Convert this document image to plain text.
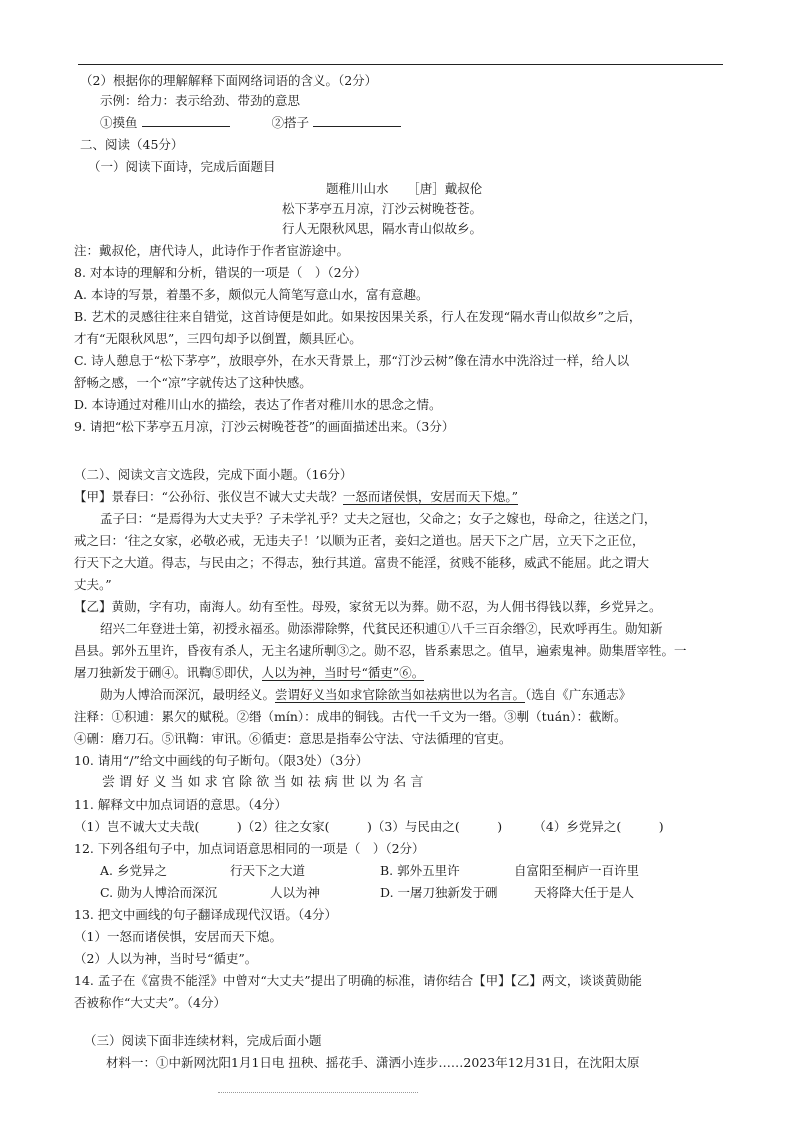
（2）根据你的理解解释下面网络词语的含义。（2分）
示例：给力：表示给劲、带劲的意思
①摸鱼	②搭子
二、阅读（45分）
（一）阅读下面诗，完成后面题目
题稚川山水　　［唐］戴叔伦
松下茅亭五月凉，汀沙云树晚苍苍。
行人无限秋风思，隔水青山似故乡。
注：戴叔伦，唐代诗人，此诗作于作者宦游途中。
8. 对本诗的理解和分析，错误的一项是（　）（2分）
A. 本诗的写景，着墨不多，颇似元人简笔写意山水，富有意趣。
B. 艺术的灵感往往来自错觉，这首诗便是如此。如果按因果关系，行人在发现“隔水青山似故乡”之后，
才有“无限秋风思”，三四句却予以倒置，颇具匠心。
C. 诗人憩息于“松下茅亭”，放眼亭外，在水天背景上，那“汀沙云树”像在清水中洗浴过一样，给人以
舒畅之感，一个“凉”字就传达了这种快感。
D. 本诗通过对稚川山水的描绘，表达了作者对稚川水的思念之情。
9. 请把“松下茅亭五月凉，汀沙云树晚苍苍”的画面描述出来。（3分）
（二）、阅读文言文选段，完成下面小题。（16分）
【甲】景春曰：“公孙衍、张仪岂不诚大丈夫哉？一怒而诸侯惧，安居而天下熄。”
孟子曰：“是焉得为大丈夫乎？子未学礼乎？丈夫之冠也，父命之；女子之嫁也，母命之，往送之门，
戒之曰：‘往之女家，必敬必戒，无违夫子！’以顺为正者，妾妇之道也。居天下之广居，立天下之正位，
行天下之大道。得志，与民由之；不得志，独行其道。富贵不能淫，贫贱不能移，威武不能屈。此之谓大
丈夫。”
【乙】黄勋，字有功，南海人。幼有至性。母殁，家贫无以为葬。勋不忍，为人佣书得钱以葬，乡党异之。
绍兴二年登进士第，初授永福丞。勋添滞除弊，代貧民还积逋①八千三百余缗②，民欢呼再生。勋知新
昌县。郭外五里许，昏夜有杀人，无主名逮所剸③之。勋不忍，皆系素思之。值早，遍索鬼神。勋集厝宰牲。一
屠刀独新发于硎④。讯鞫⑤即伏，人以为神，当时号“循吏”⑥。
勋为人博洽而深沉，最明经义。尝谓好义当如求官除欲当如祛病世以为名言。（选自《广东通志》
注释：①积逋：累欠的赋税。②缗（mín）：成串的铜钱。古代一千文为一缗。③剸（tuán）：截断。
④硎：磨刀石。⑤讯鞫：审讯。⑥循吏：意思是指奉公守法、守法循理的官吏。
10. 请用“/”给文中画线的句子断句。（限3处）（3分）
尝 谓 好 义 当 如 求 官 除 欲 当 如 祛 病 世 以 为 名 言
11. 解释文中加点词语的意思。（4分）
（1）岂不诚大丈夫哉(　　　)（2）往之女家(　　　)（3）与民由之(　　　)　　　（4）乡党异之(　　　)
12. 下列各组句子中，加点词语意思相同的一项是（　）（2分）
A. 乡党异之	行天下之大道	B. 郭外五里许	自富阳至桐庐一百许里
C. 勋为人博洽而深沉	人以为神	D. 一屠刀独新发于硎	天将降大任于是人
13. 把文中画线的句子翻译成现代汉语。（4分）
（1）一怒而诸侯惧，安居而天下熄。
（2）人以为神，当时号“循吏”。
14. 孟子在《富贵不能淫》中曾对“大丈夫”提出了明确的标准，请你结合【甲】【乙】两文，谈谈黄勋能
否被称作“大丈夫”。（4分）
（三）阅读下面非连续材料，完成后面小题
材料一：①中新网沈阳1月1日电 扭秧、摇花手、潇洒小连步……2023年12月31日，在沈阳太原
